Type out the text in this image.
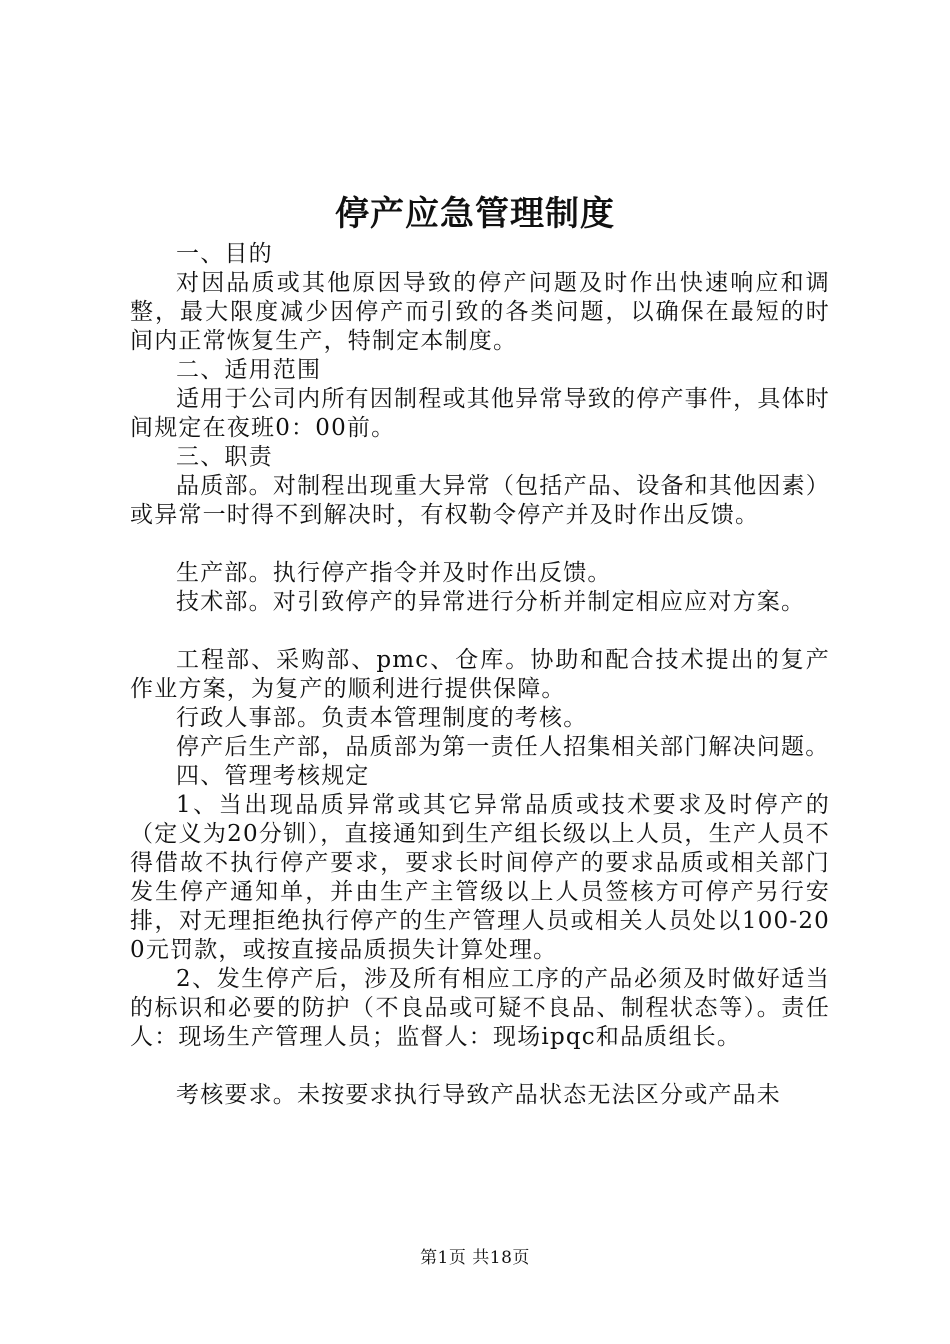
停产应急管理制度

一、目的

对因品质或其他原因导致的停产问题及时作出快速响应和调整，最大限度减少因停产而引致的各类问题，以确保在最短的时间内正常恢复生产，特制定本制度。

二、适用范围

适用于公司内所有因制程或其他异常导致的停产事件，具体时间规定在夜班0：00前。

三、职责

品质部。对制程出现重大异常（包括产品、设备和其他因素）或异常一时得不到解决时，有权勒令停产并及时作出反馈。

生产部。执行停产指令并及时作出反馈。

技术部。对引致停产的异常进行分析并制定相应应对方案。

工程部、采购部、pmc、仓库。协助和配合技术提出的复产作业方案，为复产的顺利进行提供保障。

行政人事部。负责本管理制度的考核。

停产后生产部，品质部为第一责任人招集相关部门解决问题。

四、管理考核规定

1、当出现品质异常或其它异常品质或技术要求及时停产的（定义为20分钏），直接通知到生产组长级以上人员，生产人员不得借故不执行停产要求，要求长时间停产的要求品质或相关部门发生停产通知单，并由生产主管级以上人员签核方可停产另行安排，对无理拒绝执行停产的生产管理人员或相关人员处以100-200元罚款，或按直接品质损失计算处理。

2、发生停产后，涉及所有相应工序的产品必须及时做好适当的标识和必要的防护（不良品或可疑不良品、制程状态等）。责任人：现场生产管理人员；监督人：现场ipqc和品质组长。

考核要求。未按要求执行导致产品状态无法区分或产品未

第1页 共18页
